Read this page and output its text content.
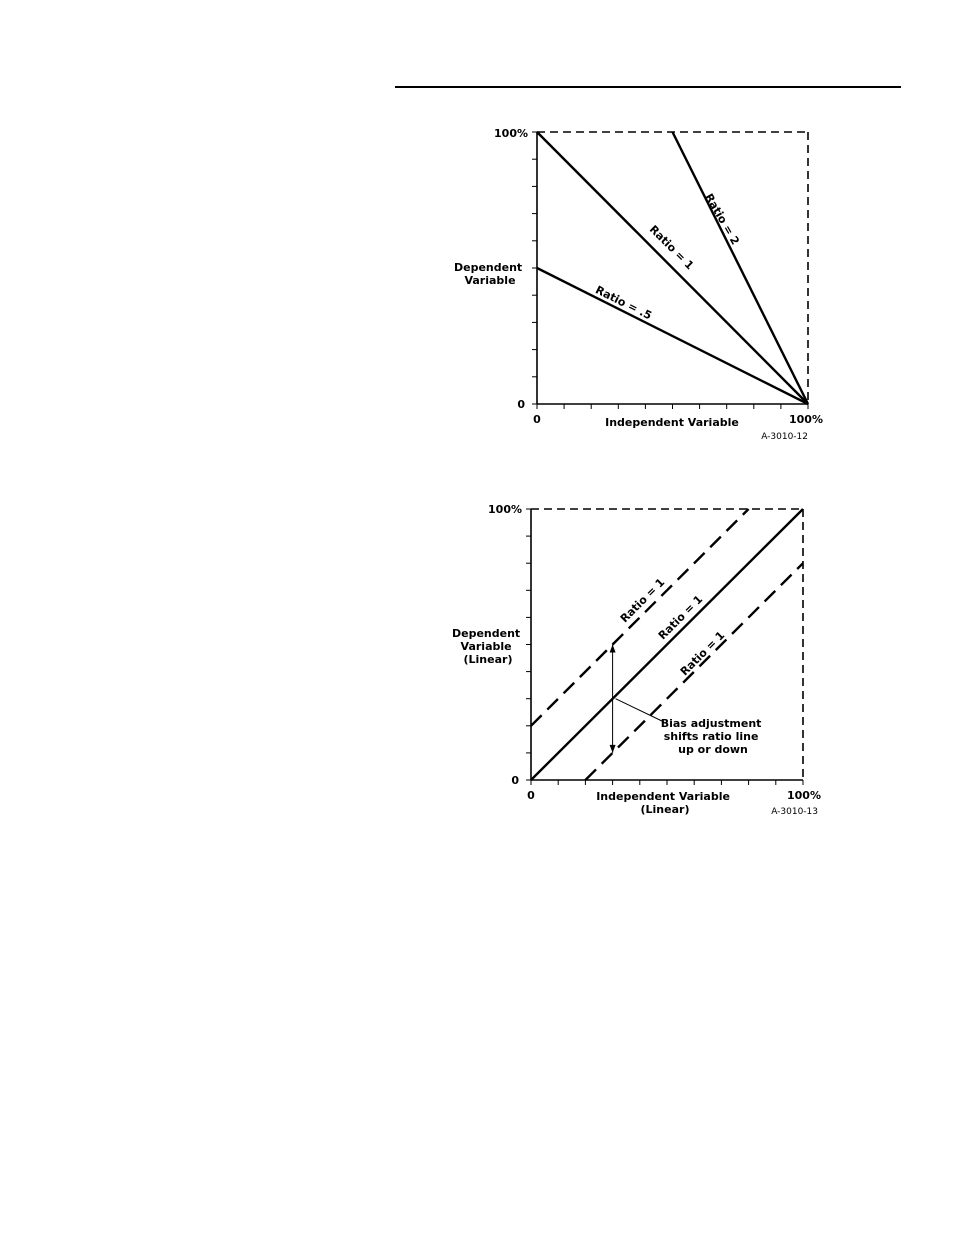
100%
0
0	100%
Independent Variable
Dependent Variable
Ratio = 2
Ratio = 1
Ratio = .5
A-3010-12
100%
0
0	100%
Independent Variable (Linear)
Dependent Variable (Linear)
Ratio = 1
Ratio = 1
Ratio = 1
Bias adjustment shifts ratio line up or down
A-3010-13
